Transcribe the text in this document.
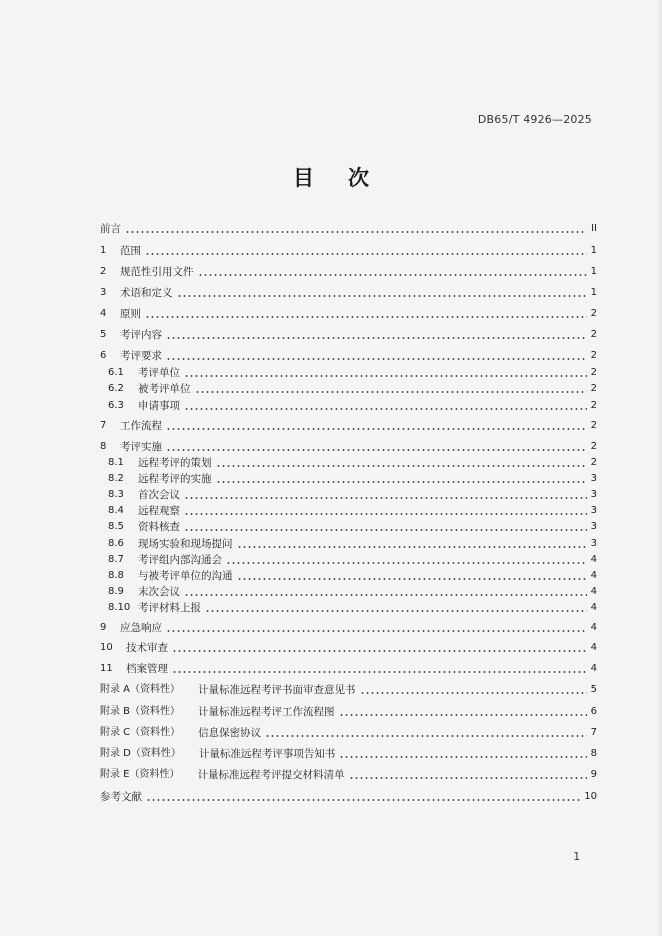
DB65/T 4926—2025
目 次
前言	II
1	范围	1
2	规范性引用文件	1
3	术语和定义	1
4	原则	2
5	考评内容	2
6	考评要求	2
6.1	考评单位	2
6.2	被考评单位	2
6.3	申请事项	2
7	工作流程	2
8	考评实施	2
8.1	远程考评的策划	2
8.2	远程考评的实施	3
8.3	首次会议	3
8.4	远程观察	3
8.5	资料核查	3
8.6	现场实验和现场提问	3
8.7	考评组内部沟通会	4
8.8	与被考评单位的沟通	4
8.9	末次会议	4
8.10 考评材料上报	4
9	应急响应	4
10	技术审查	4
11	档案管理	4
附录 A（资料性） 计量标准远程考评书面审查意见书	5
附录 B（资料性） 计量标准远程考评工作流程图	6
附录 C（资料性） 信息保密协议	7
附录 D（资料性） 计量标准远程考评事项告知书	8
附录 E（资料性） 计量标准远程考评提交材料清单	9
参考文献	10
1
